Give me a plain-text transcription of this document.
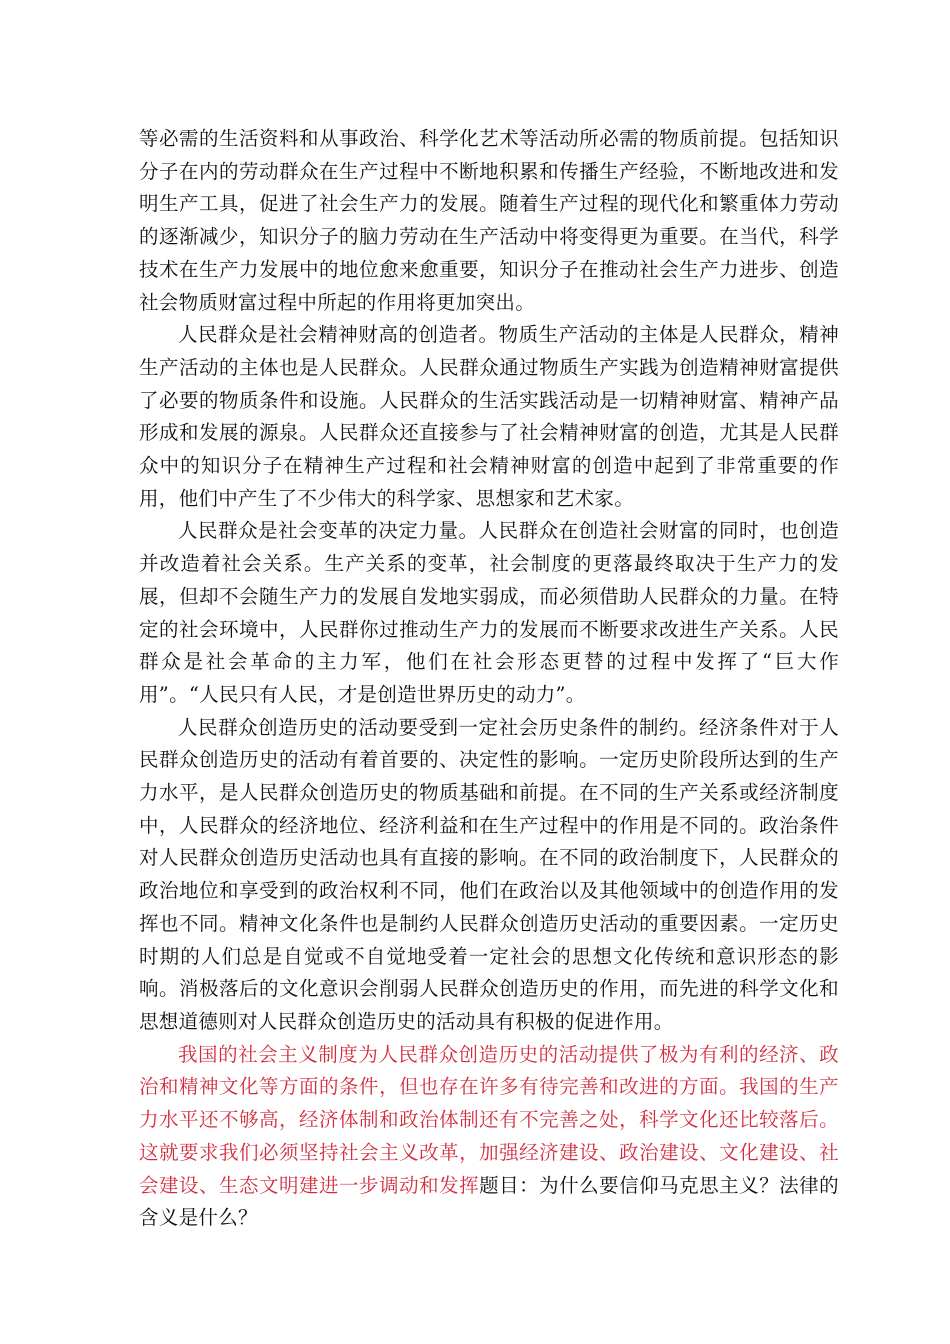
等必需的生活资料和从事政治、科学化艺术等活动所必需的物质前提。包括知识分子在内的劳动群众在生产过程中不断地积累和传播生产经验，不断地改进和发明生产工具，促进了社会生产力的发展。随着生产过程的现代化和繁重体力劳动的逐渐减少，知识分子的脑力劳动在生产活动中将变得更为重要。在当代，科学技术在生产力发展中的地位愈来愈重要，知识分子在推动社会生产力进步、创造社会物质财富过程中所起的作用将更加突出。

人民群众是社会精神财高的创造者。物质生产活动的主体是人民群众，精神生产活动的主体也是人民群众。人民群众通过物质生产实践为创造精神财富提供了必要的物质条件和设施。人民群众的生活实践活动是一切精神财富、精神产品形成和发展的源泉。人民群众还直接参与了社会精神财富的创造，尤其是人民群众中的知识分子在精神生产过程和社会精神财富的创造中起到了非常重要的作用，他们中产生了不少伟大的科学家、思想家和艺术家。

人民群众是社会变革的决定力量。人民群众在创造社会财富的同时，也创造并改造着社会关系。生产关系的变革，社会制度的更落最终取决于生产力的发展，但却不会随生产力的发展自发地实弱成，而必须借助人民群众的力量。在特定的社会环境中，人民群你过推动生产力的发展而不断要求改进生产关系。人民群众是社会革命的主力军，他们在社会形态更替的过程中发挥了“巨大作用”。“人民只有人民，才是创造世界历史的动力”。

人民群众创造历史的活动要受到一定社会历史条件的制约。经济条件对于人民群众创造历史的活动有着首要的、决定性的影响。一定历史阶段所达到的生产力水平，是人民群众创造历史的物质基础和前提。在不同的生产关系或经济制度中，人民群众的经济地位、经济利益和在生产过程中的作用是不同的。政治条件对人民群众创造历史活动也具有直接的影响。在不同的政治制度下，人民群众的政治地位和享受到的政治权利不同，他们在政治以及其他领域中的创造作用的发挥也不同。精神文化条件也是制约人民群众创造历史活动的重要因素。一定历史时期的人们总是自觉或不自觉地受着一定社会的思想文化传统和意识形态的影响。消极落后的文化意识会削弱人民群众创造历史的作用，而先进的科学文化和思想道德则对人民群众创造历史的活动具有积极的促进作用。

我国的社会主义制度为人民群众创造历史的活动提供了极为有利的经济、政治和精神文化等方面的条件，但也存在许多有待完善和改进的方面。我国的生产力水平还不够高，经济体制和政治体制还有不完善之处，科学文化还比较落后。这就要求我们必须坚持社会主义改革，加强经济建设、政治建设、文化建设、社会建设、生态文明建进一步调动和发挥题目：为什么要信仰马克思主义？法律的含义是什么？
